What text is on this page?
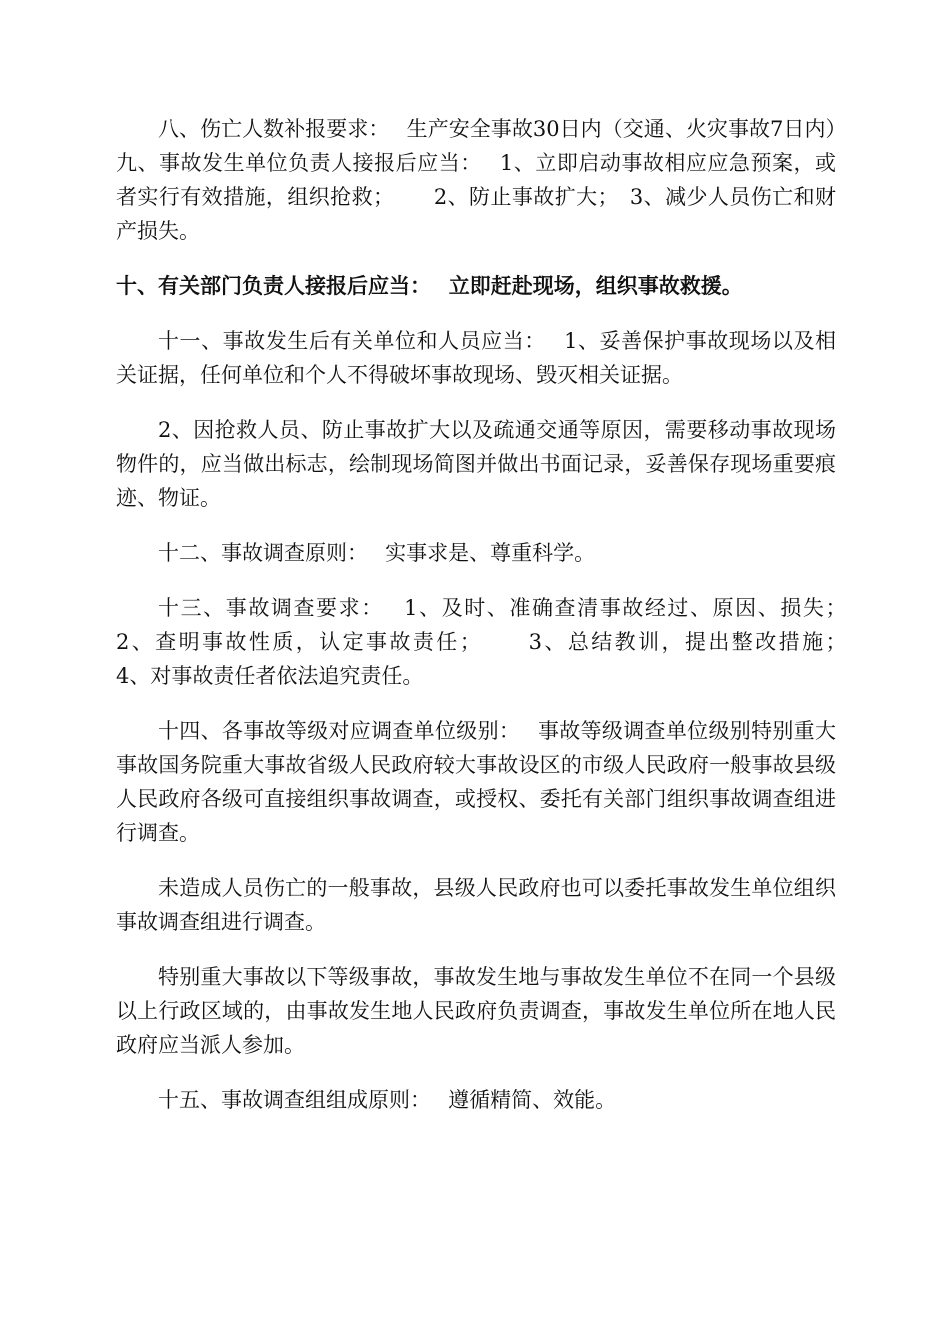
八、伤亡人数补报要求：　 生产安全事故30日内（交通、火灾事故7日内）　 九、事故发生单位负责人接报后应当：　 1、立即启动事故相应应急预案，或者实行有效措施，组织抢救；　　 2、防止事故扩大；　3、减少人员伤亡和财产损失。

十、有关部门负责人接报后应当：　 立即赶赴现场，组织事故救援。

十一、事故发生后有关单位和人员应当：　 1、妥善保护事故现场以及相关证据，任何单位和个人不得破坏事故现场、毁灭相关证据。

2、因抢救人员、防止事故扩大以及疏通交通等原因，需要移动事故现场物件的，应当做出标志，绘制现场简图并做出书面记录，妥善保存现场重要痕迹、物证。

十二、事故调查原则：　 实事求是、尊重科学。

十三、事故调查要求：　 1、及时、准确查清事故经过、原因、损失；　　 2、查明事故性质，认定事故责任；　　 3、总结教训，提出整改措施；　　 4、对事故责任者依法追究责任。

十四、各事故等级对应调查单位级别：　 事故等级调查单位级别特别重大事故国务院重大事故省级人民政府较大事故设区的市级人民政府一般事故县级人民政府各级可直接组织事故调查，或授权、委托有关部门组织事故调查组进行调查。

未造成人员伤亡的一般事故，县级人民政府也可以委托事故发生单位组织事故调查组进行调查。

特别重大事故以下等级事故，事故发生地与事故发生单位不在同一个县级以上行政区域的，由事故发生地人民政府负责调查，事故发生单位所在地人民政府应当派人参加。

十五、事故调查组组成原则：　 遵循精简、效能。
